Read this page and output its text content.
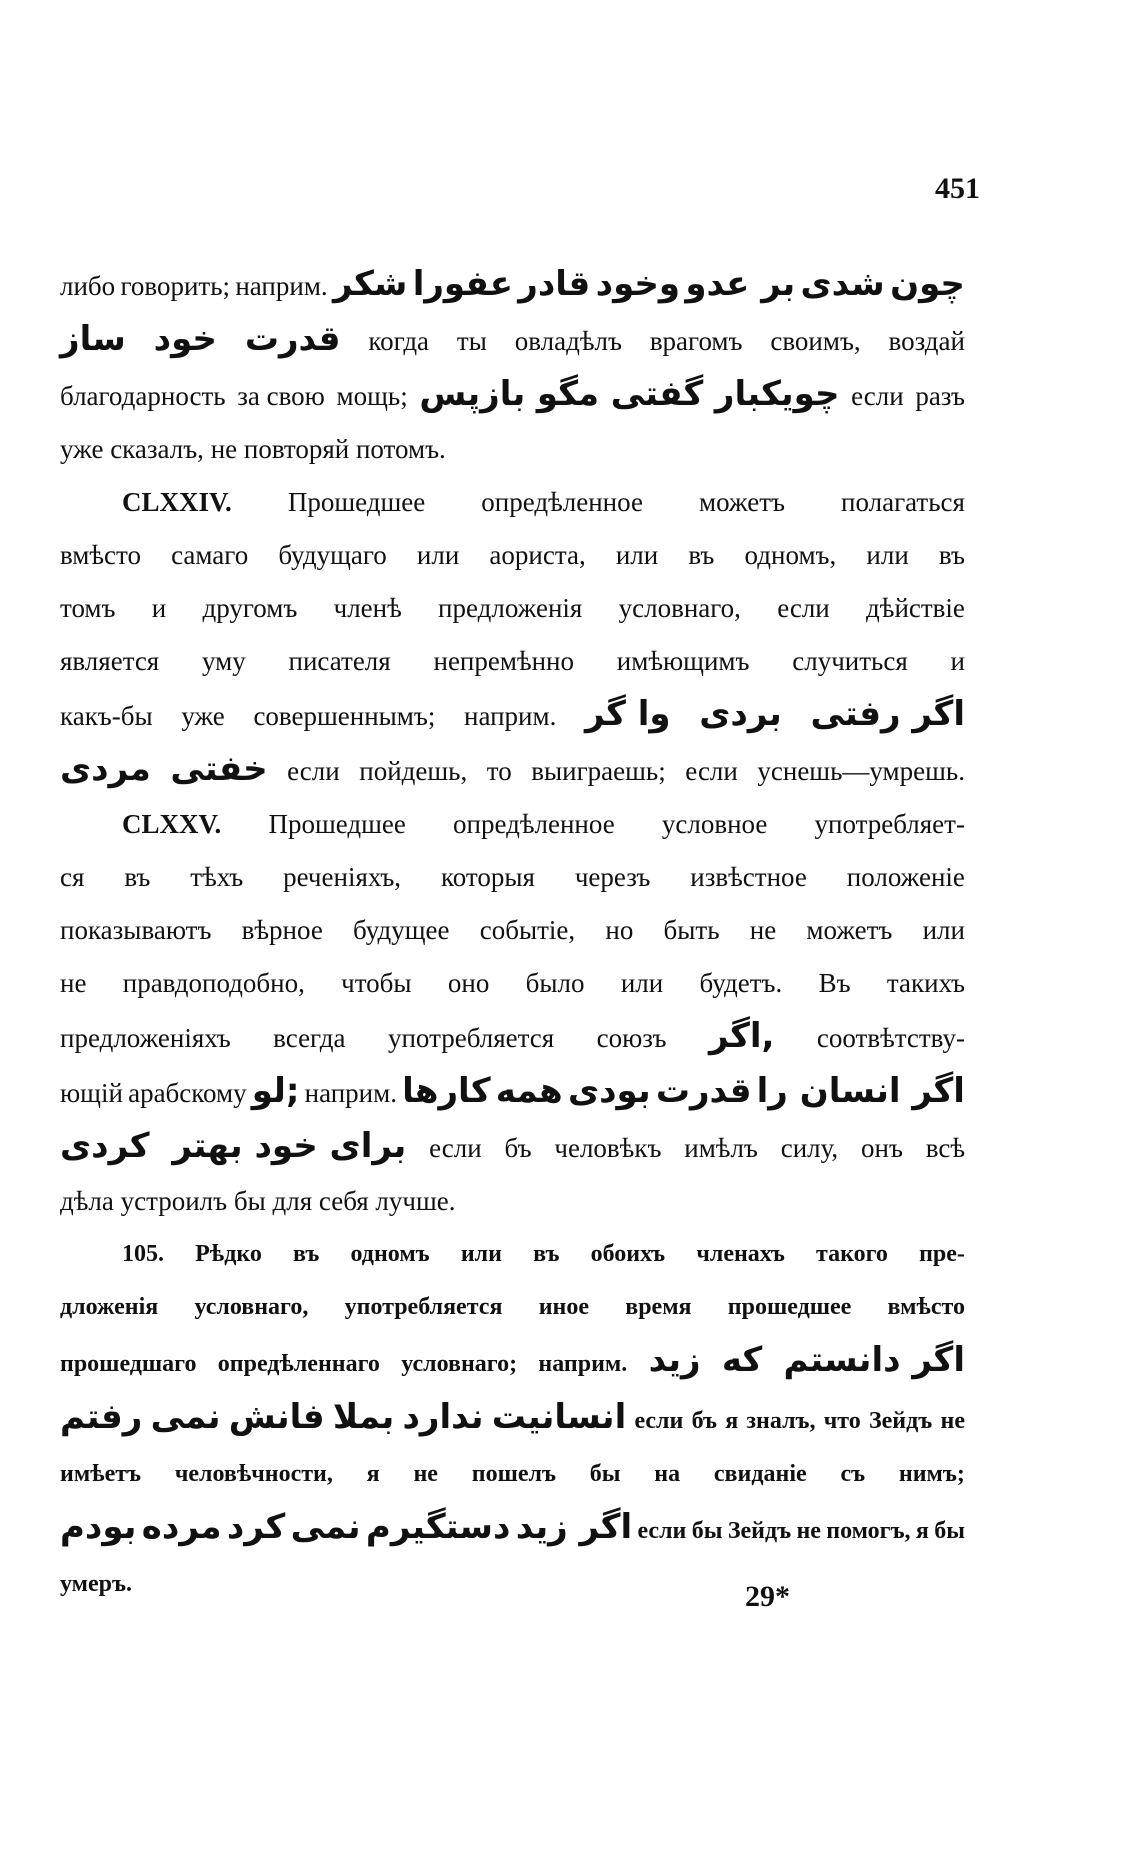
451
либо говорить; наприм. شکر عفورا قادر وخود بر عدو شدی چون
ساز خود قدرت когда ты овладѣлъ врагомъ своимъ, воздай
благодарность за свою мощь; بازپس مگو گفتی چویکبار если разъ
уже
сказалъ,
не
повторяй
потомъ.
CLXXIV. Прошедшее опредѣленное можетъ полагаться
вмѣсто самаго будущаго или аориста, или въ одномъ, или въ
томъ и другомъ членѣ предложенія условнаго, если дѣйствіе
является уму писателя непремѣнно имѣющимъ случиться и
какъ-бы уже совершеннымъ; наприм. وا گر بردی اگر رفتی
مردی خفتی если пойдешь, то выиграешь; если уснешь—умрешь.
CLXXV. Прошедшее опредѣленное условное употребляет-
ся въ тѣхъ реченіяхъ, которыя черезъ извѣстное положеніе
показываютъ вѣрное будущее событіе, но быть не можетъ или
не правдоподобно, чтобы оно было или будетъ. Въ такихъ
предложеніяхъ всегда употребляется союзъ اگر, соотвѣтству-
ющій арабскому لو; наприм. کارها همه بودی قدرت اگر انسان را
کردی برای خود بهتر если бъ человѣкъ имѣлъ силу, онъ всѣ
дѣла
устроилъ
бы
для
себя
лучше.
105. Рѣдко въ одномъ или въ обоихъ членахъ такого пре-
дложенія условнаго, употребляется иное время прошедшее вмѣсто
прошедшаго опредѣленнаго условнаго; наприм. زید که اگر دانستم
رفتم نمی فانش بملا ندارد انسانیت если бъ я зналъ, что Зейдъ не
имѣетъ человѣчности, я не пошелъ бы на свиданіе съ нимъ;
بودم مرده کرد نمی دستگیرم اگر زید если бы Зейдъ не помогъ, я бы
умеръ.	29*
